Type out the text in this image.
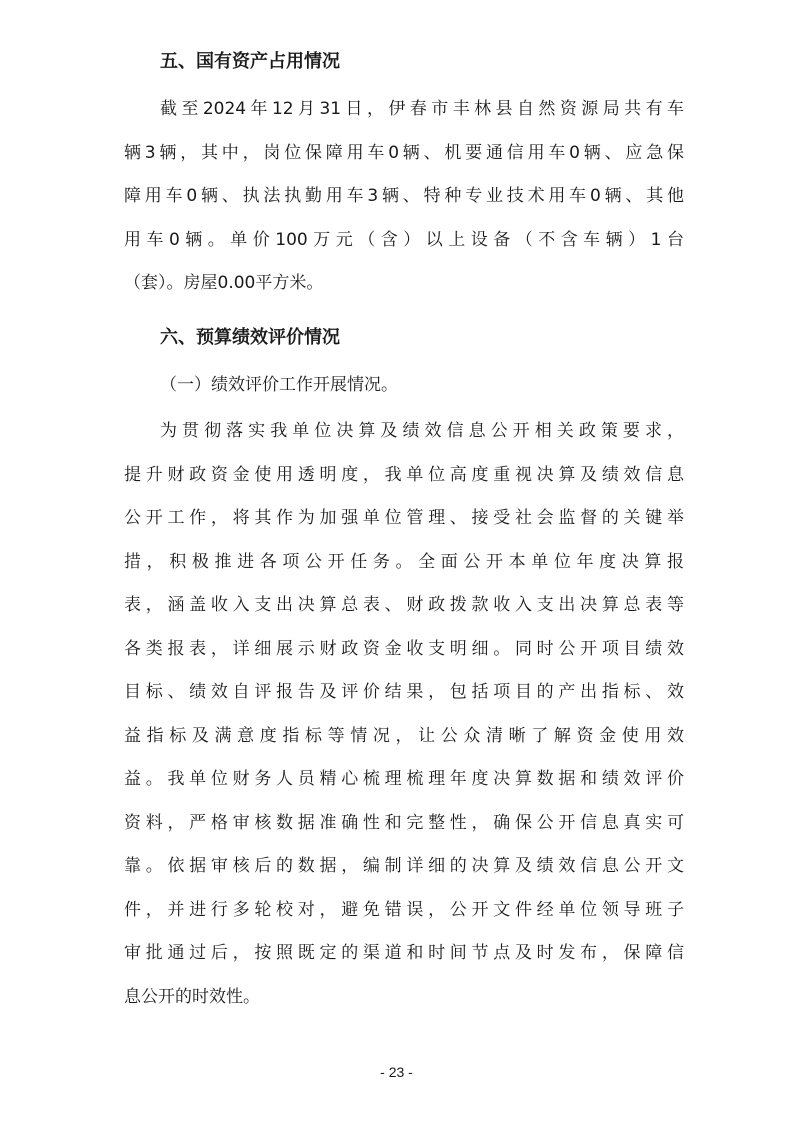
五、国有资产占用情况
截至2024年12月31日，伊春市丰林县自然资源局共有车
辆3辆，其中，岗位保障用车0辆、机要通信用车0辆、应急保
障用车0辆、执法执勤用车3辆、特种专业技术用车0辆、其他
用车0辆。单价100万元（含）以上设备（不含车辆）1台
（套）。房屋0.00平方米。
六、预算绩效评价情况
（一）绩效评价工作开展情况。
为贯彻落实我单位决算及绩效信息公开相关政策要求，
提升财政资金使用透明度，我单位高度重视决算及绩效信息
公开工作，将其作为加强单位管理、接受社会监督的关键举
措，积极推进各项公开任务。全面公开本单位年度决算报
表，涵盖收入支出决算总表、财政拨款收入支出决算总表等
各类报表，详细展示财政资金收支明细。同时公开项目绩效
目标、绩效自评报告及评价结果，包括项目的产出指标、效
益指标及满意度指标等情况，让公众清晰了解资金使用效
益。我单位财务人员精心梳理梳理年度决算数据和绩效评价
资料，严格审核数据准确性和完整性，确保公开信息真实可
靠。依据审核后的数据，编制详细的决算及绩效信息公开文
件，并进行多轮校对，避免错误，公开文件经单位领导班子
审批通过后，按照既定的渠道和时间节点及时发布，保障信
息公开的时效性。
- 23 -
